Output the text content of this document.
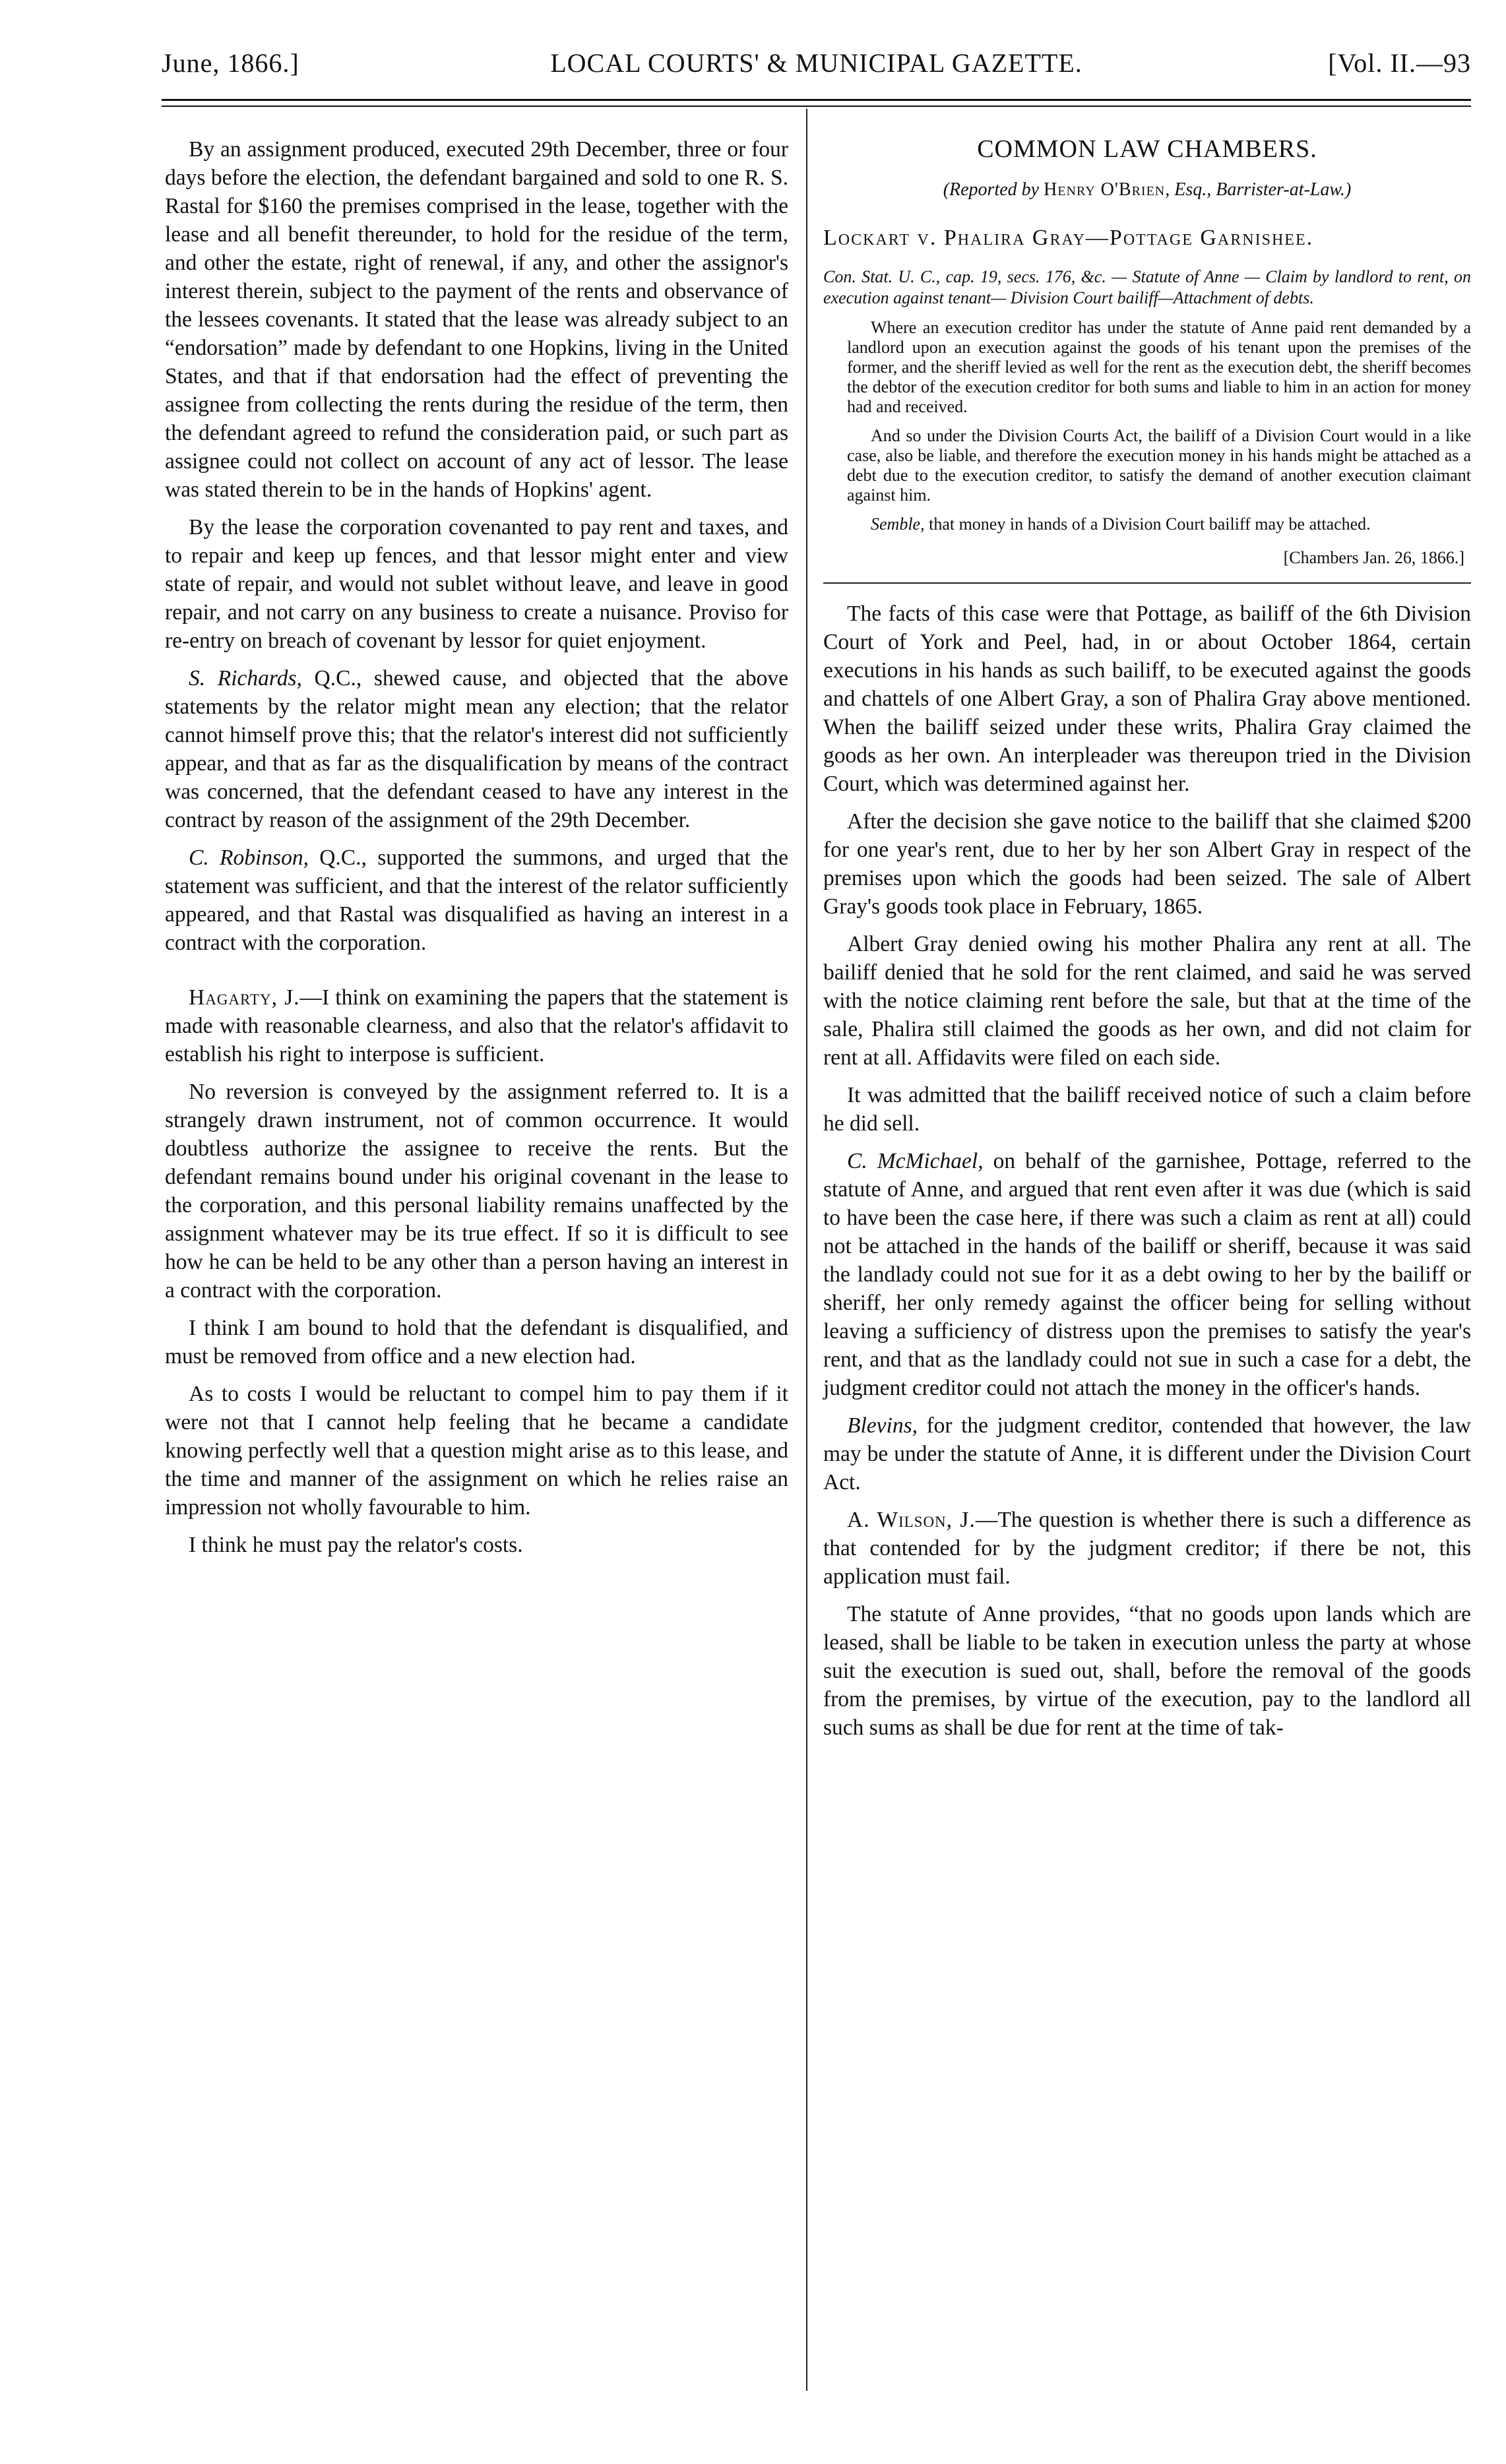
June, 1866.]	LOCAL COURTS' & MUNICIPAL GAZETTE.	[Vol. II.—93

By an assignment produced, executed 29th December, three or four days before the election, the defendant bargained and sold to one R. S. Rastal for $160 the premises comprised in the lease, together with the lease and all benefit thereunder, to hold for the residue of the term, and other the estate, right of renewal, if any, and other the assignor's interest therein, subject to the payment of the rents and observance of the lessees covenants. It stated that the lease was already subject to an “endorsation” made by defendant to one Hopkins, living in the United States, and that if that endorsation had the effect of preventing the assignee from collecting the rents during the residue of the term, then the defendant agreed to refund the consideration paid, or such part as assignee could not collect on account of any act of lessor. The lease was stated therein to be in the hands of Hopkins' agent.

By the lease the corporation covenanted to pay rent and taxes, and to repair and keep up fences, and that lessor might enter and view state of repair, and would not sublet without leave, and leave in good repair, and not carry on any business to create a nuisance. Proviso for re-entry on breach of covenant by lessor for quiet enjoyment.

S. Richards, Q.C., shewed cause, and objected that the above statements by the relator might mean any election; that the relator cannot himself prove this; that the relator's interest did not sufficiently appear, and that as far as the disqualification by means of the contract was concerned, that the defendant ceased to have any interest in the contract by reason of the assignment of the 29th December.

C. Robinson, Q.C., supported the summons, and urged that the statement was sufficient, and that the interest of the relator sufficiently appeared, and that Rastal was disqualified as having an interest in a contract with the corporation.

Hagarty, J.—I think on examining the papers that the statement is made with reasonable clearness, and also that the relator's affidavit to establish his right to interpose is sufficient.

No reversion is conveyed by the assignment referred to. It is a strangely drawn instrument, not of common occurrence. It would doubtless authorize the assignee to receive the rents. But the defendant remains bound under his original covenant in the lease to the corporation, and this personal liability remains unaffected by the assignment whatever may be its true effect. If so it is difficult to see how he can be held to be any other than a person having an interest in a contract with the corporation.

I think I am bound to hold that the defendant is disqualified, and must be removed from office and a new election had.

As to costs I would be reluctant to compel him to pay them if it were not that I cannot help feeling that he became a candidate knowing perfectly well that a question might arise as to this lease, and the time and manner of the assignment on which he relies raise an impression not wholly favourable to him.

I think he must pay the relator's costs.

COMMON LAW CHAMBERS.
(Reported by Henry O'Brien, Esq., Barrister-at-Law.)
Lockart v. Phalira Gray—Pottage Garnishee.
Con. Stat. U. C., cap. 19, secs. 176, &c. — Statute of Anne — Claim by landlord to rent, on execution against tenant— Division Court bailiff—Attachment of debts.

Where an execution creditor has under the statute of Anne paid rent demanded by a landlord upon an execution against the goods of his tenant upon the premises of the former, and the sheriff levied as well for the rent as the execution debt, the sheriff becomes the debtor of the execution creditor for both sums and liable to him in an action for money had and received.

And so under the Division Courts Act, the bailiff of a Division Court would in a like case, also be liable, and therefore the execution money in his hands might be attached as a debt due to the execution creditor, to satisfy the demand of another execution claimant against him.

Semble, that money in hands of a Division Court bailiff may be attached.

[Chambers Jan. 26, 1866.]

The facts of this case were that Pottage, as bailiff of the 6th Division Court of York and Peel, had, in or about October 1864, certain executions in his hands as such bailiff, to be executed against the goods and chattels of one Albert Gray, a son of Phalira Gray above mentioned. When the bailiff seized under these writs, Phalira Gray claimed the goods as her own. An interpleader was thereupon tried in the Division Court, which was determined against her.

After the decision she gave notice to the bailiff that she claimed $200 for one year's rent, due to her by her son Albert Gray in respect of the premises upon which the goods had been seized. The sale of Albert Gray's goods took place in February, 1865.

Albert Gray denied owing his mother Phalira any rent at all. The bailiff denied that he sold for the rent claimed, and said he was served with the notice claiming rent before the sale, but that at the time of the sale, Phalira still claimed the goods as her own, and did not claim for rent at all. Affidavits were filed on each side.

It was admitted that the bailiff received notice of such a claim before he did sell.

C. McMichael, on behalf of the garnishee, Pottage, referred to the statute of Anne, and argued that rent even after it was due (which is said to have been the case here, if there was such a claim as rent at all) could not be attached in the hands of the bailiff or sheriff, because it was said the landlady could not sue for it as a debt owing to her by the bailiff or sheriff, her only remedy against the officer being for selling without leaving a sufficiency of distress upon the premises to satisfy the year's rent, and that as the landlady could not sue in such a case for a debt, the judgment creditor could not attach the money in the officer's hands.

Blevins, for the judgment creditor, contended that however, the law may be under the statute of Anne, it is different under the Division Court Act.

A. Wilson, J.—The question is whether there is such a difference as that contended for by the judgment creditor; if there be not, this application must fail.

The statute of Anne provides, “that no goods upon lands which are leased, shall be liable to be taken in execution unless the party at whose suit the execution is sued out, shall, before the removal of the goods from the premises, by virtue of the execution, pay to the landlord all such sums as shall be due for rent at the time of tak-
